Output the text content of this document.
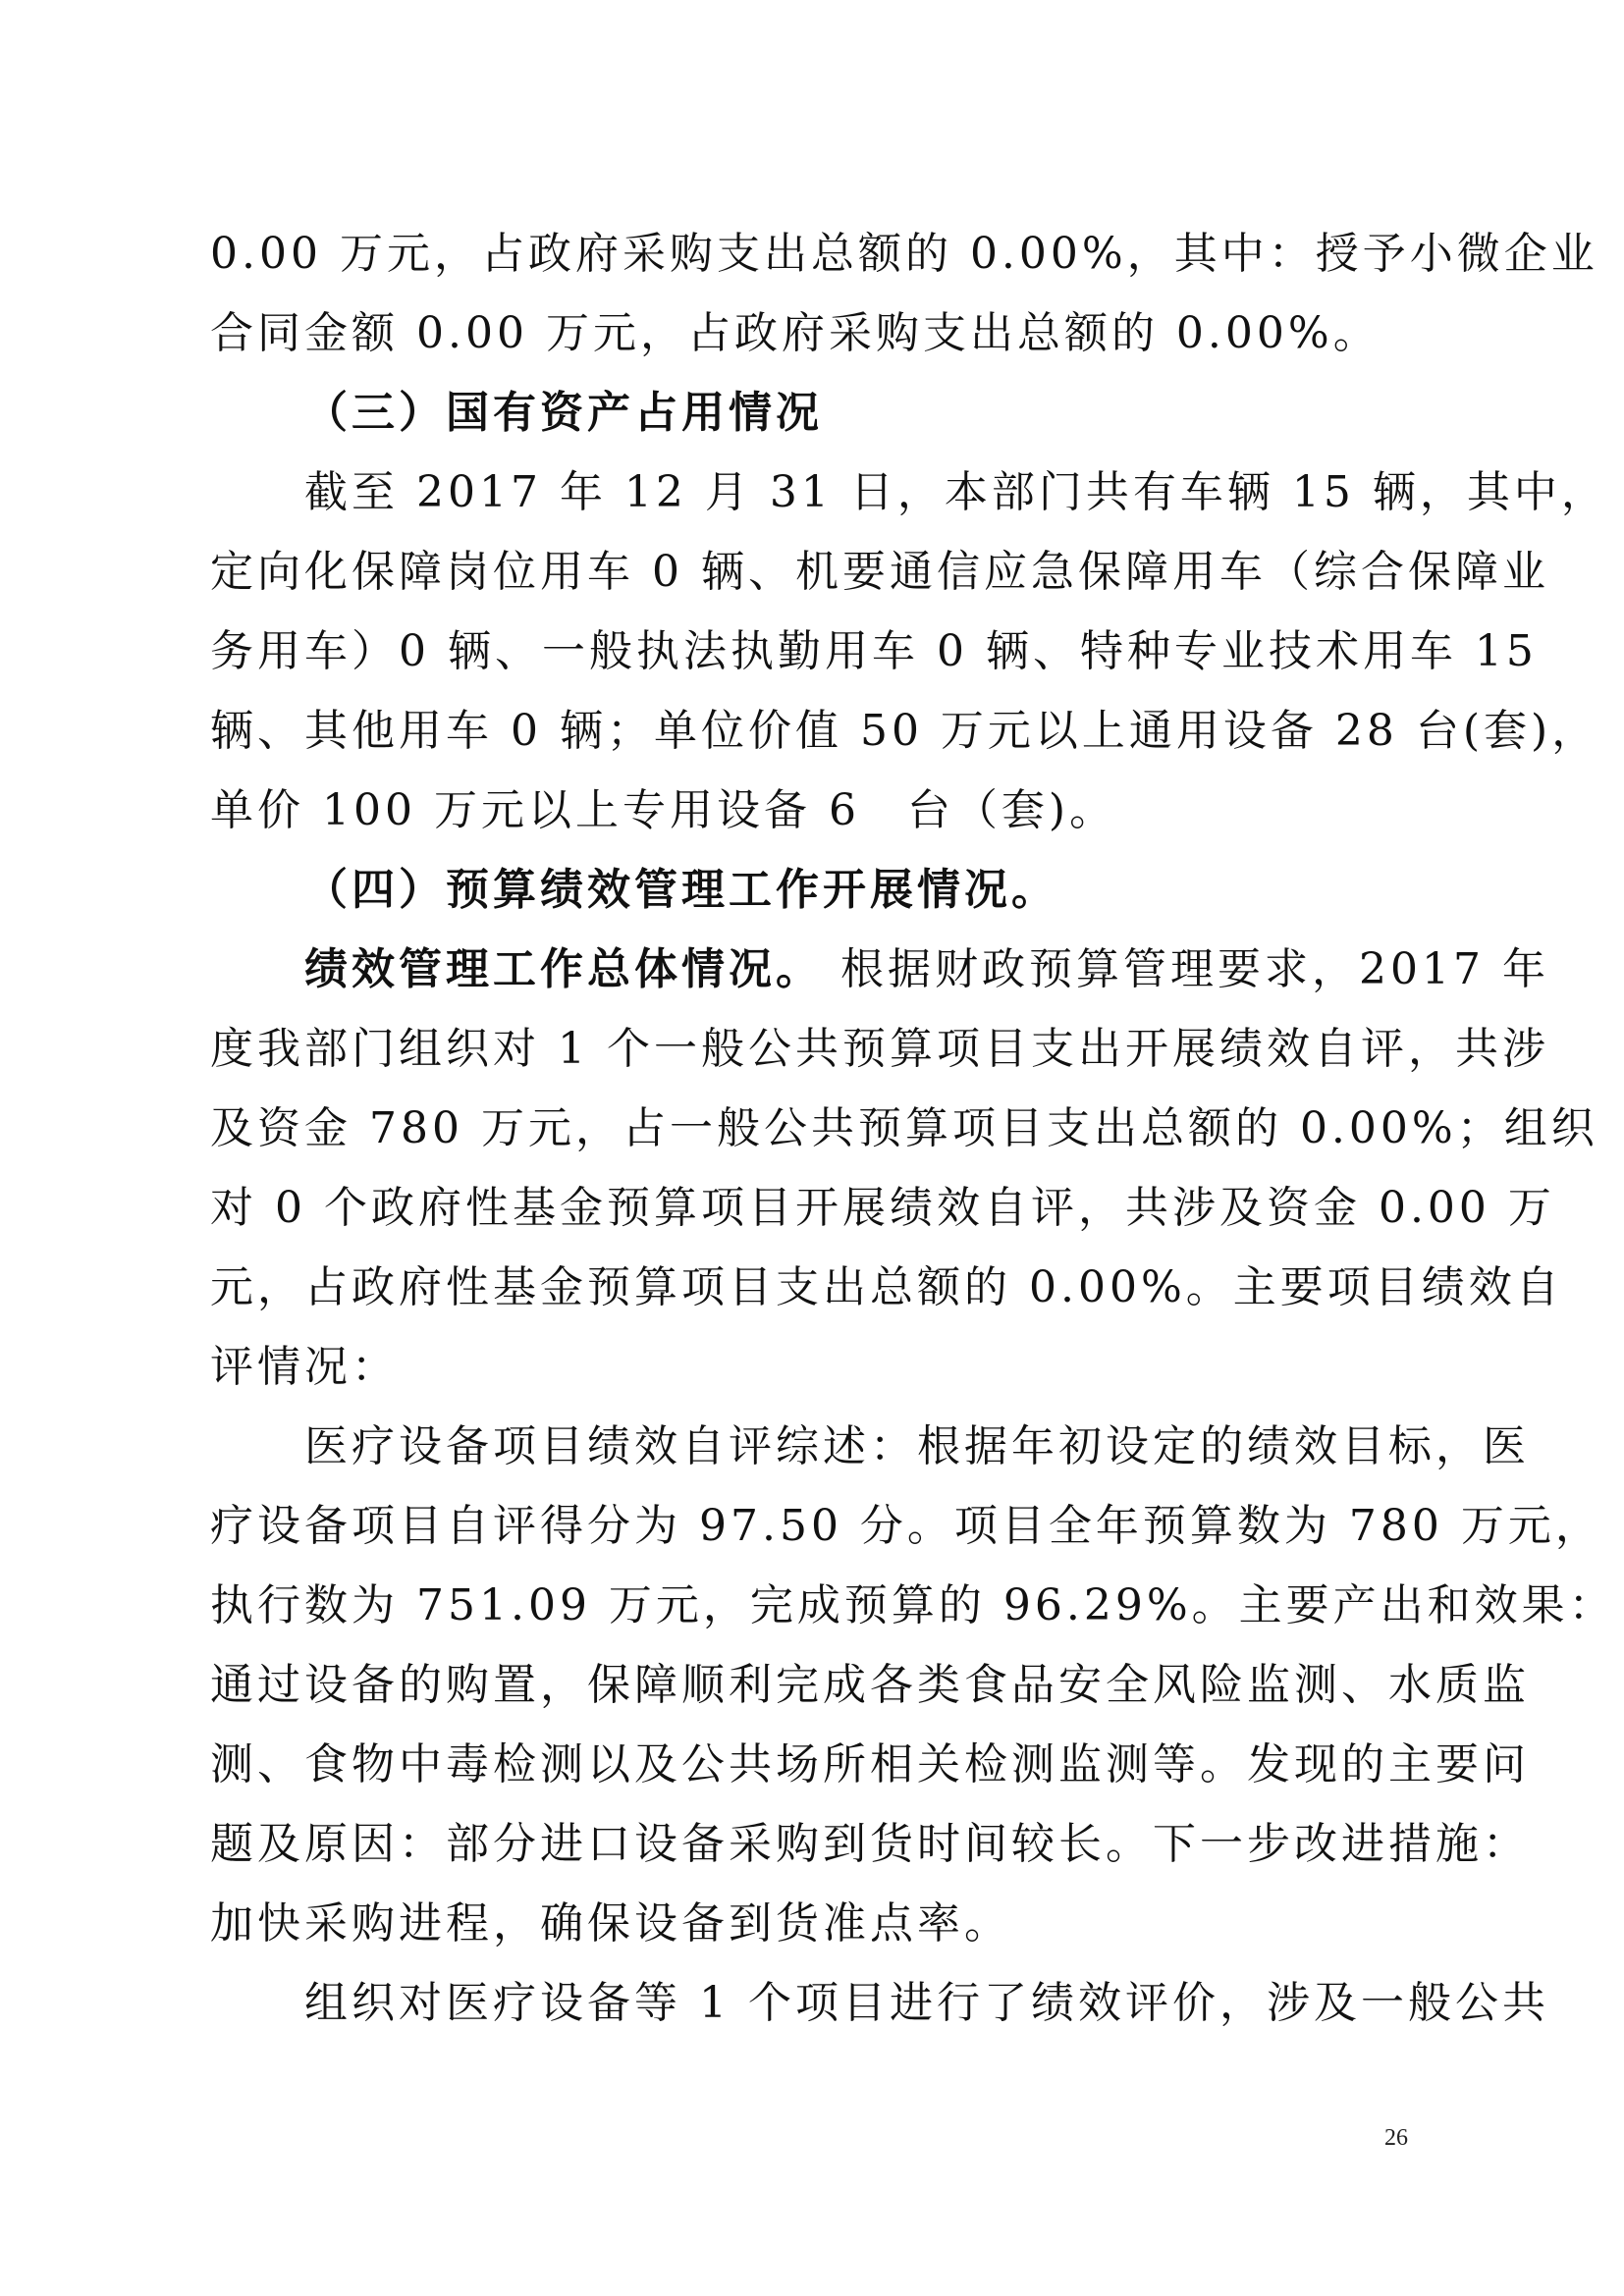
0.00 万元，占政府采购支出总额的 0.00%，其中：授予小微企业
合同金额 0.00 万元，占政府采购支出总额的 0.00%。
（三）国有资产占用情况
截至 2017 年 12 月 31 日，本部门共有车辆 15 辆，其中，
定向化保障岗位用车 0 辆、机要通信应急保障用车（综合保障业
务用车）0 辆、一般执法执勤用车 0 辆、特种专业技术用车 15
辆、其他用车 0 辆；单位价值 50 万元以上通用设备 28 台(套)，
单价 100 万元以上专用设备 6　台（套)。
（四）预算绩效管理工作开展情况。
绩效管理工作总体情况。 根据财政预算管理要求，2017 年
度我部门组织对 1 个一般公共预算项目支出开展绩效自评，共涉
及资金 780 万元，占一般公共预算项目支出总额的 0.00%；组织
对 0 个政府性基金预算项目开展绩效自评，共涉及资金 0.00 万
元，占政府性基金预算项目支出总额的 0.00%。主要项目绩效自
评情况：
医疗设备项目绩效自评综述：根据年初设定的绩效目标，医
疗设备项目自评得分为 97.50 分。项目全年预算数为 780 万元，
执行数为 751.09 万元，完成预算的 96.29%。主要产出和效果：
通过设备的购置，保障顺利完成各类食品安全风险监测、水质监
测、食物中毒检测以及公共场所相关检测监测等。发现的主要问
题及原因：部分进口设备采购到货时间较长。下一步改进措施：
加快采购进程，确保设备到货准点率。
组织对医疗设备等 1 个项目进行了绩效评价，涉及一般公共
26
